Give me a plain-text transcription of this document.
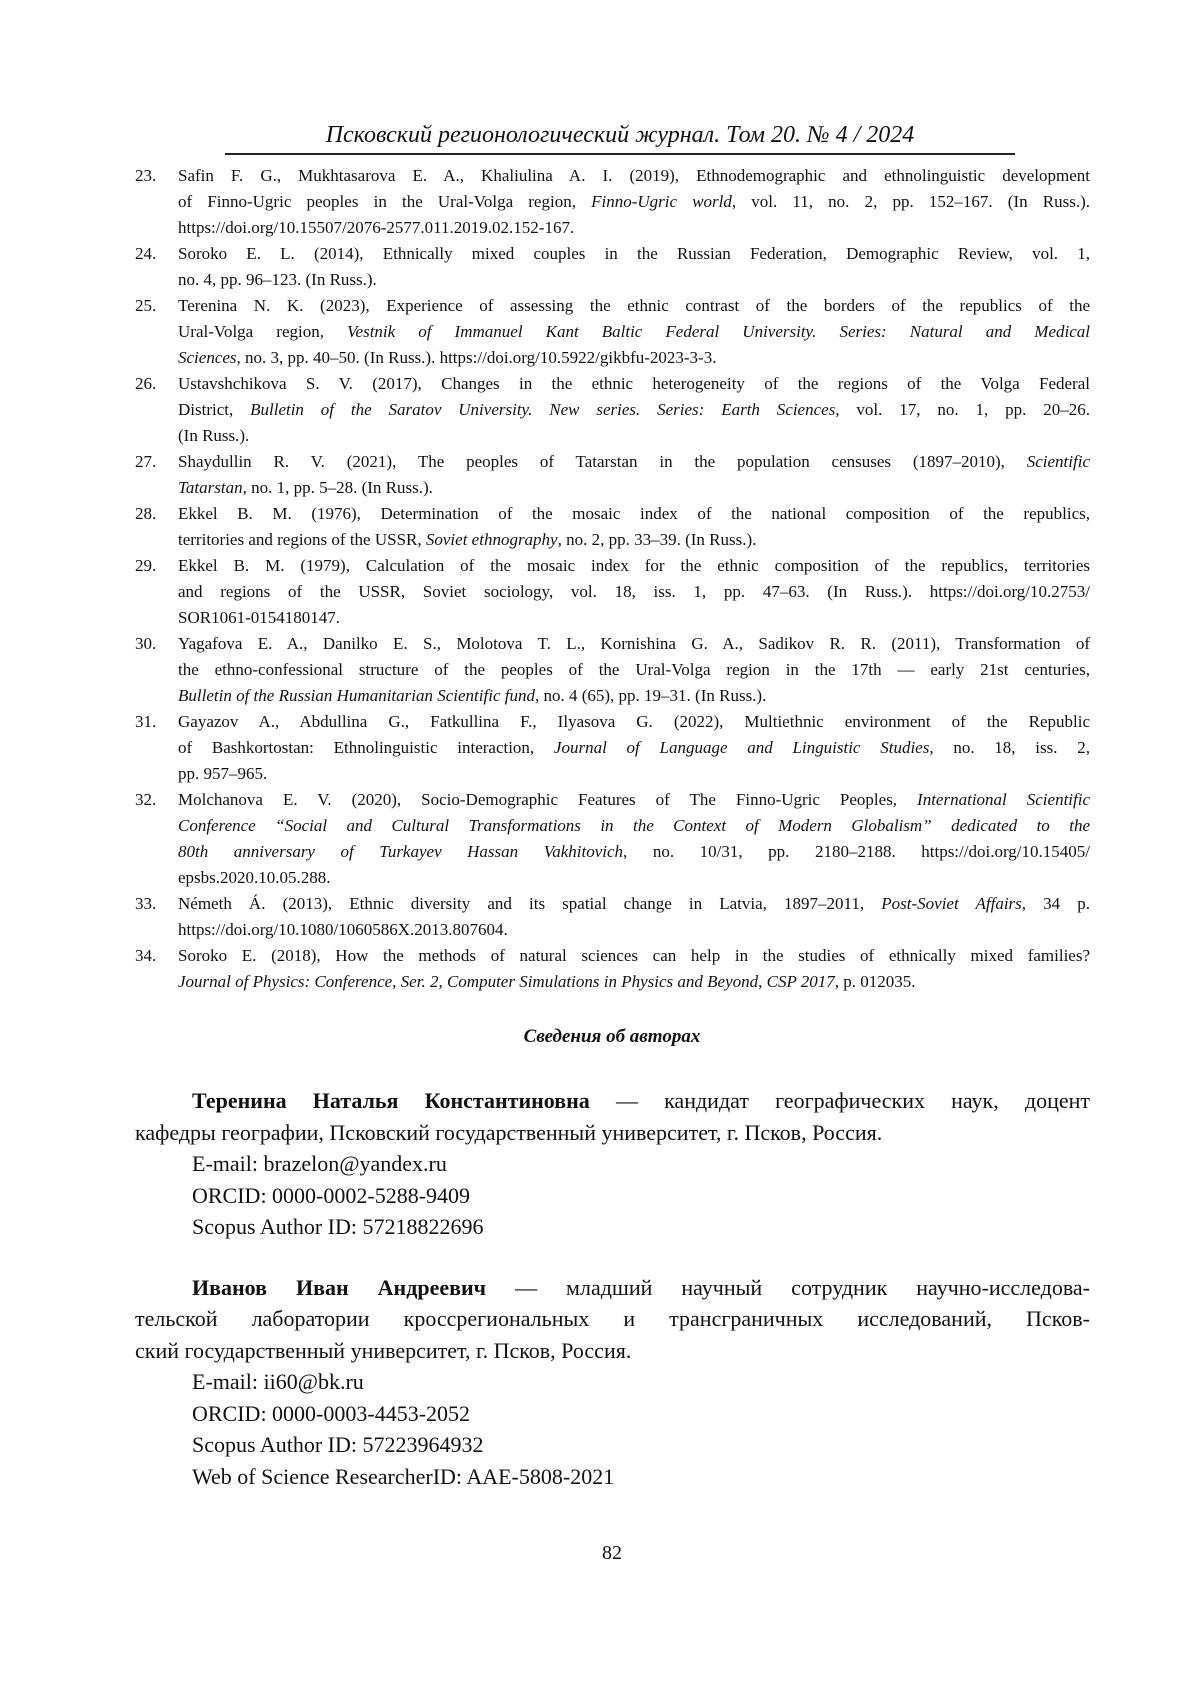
Псковский регионологический журнал. Том 20. № 4 / 2024
23. Safin F. G., Mukhtasarova E. A., Khaliulina A. I. (2019), Ethnodemographic and ethnolinguistic development
of Finno-Ugric peoples in the Ural-Volga region, Finno-Ugric world, vol. 11, no. 2, pp. 152–167. (In Russ.).
https://doi.org/10.15507/2076-2577.011.2019.02.152-167.
24. Soroko E. L. (2014), Ethnically mixed couples in the Russian Federation, Demographic Review, vol. 1,
no. 4, pp. 96–123. (In Russ.).
25. Terenina N. K. (2023), Experience of assessing the ethnic contrast of the borders of the republics of the
Ural-Volga region, Vestnik of Immanuel Kant Baltic Federal University. Series: Natural and Medical
Sciences, no. 3, pp. 40–50. (In Russ.). https://doi.org/10.5922/gikbfu-2023-3-3.
26. Ustavshchikova S. V. (2017), Changes in the ethnic heterogeneity of the regions of the Volga Federal
District, Bulletin of the Saratov University. New series. Series: Earth Sciences, vol. 17, no. 1, pp. 20–26.
(In Russ.).
27. Shaydullin R. V. (2021), The peoples of Tatarstan in the population censuses (1897–2010), Scientific
Tatarstan, no. 1, pp. 5–28. (In Russ.).
28. Ekkel B. M. (1976), Determination of the mosaic index of the national composition of the republics,
territories and regions of the USSR, Soviet ethnography, no. 2, pp. 33–39. (In Russ.).
29. Ekkel B. M. (1979), Calculation of the mosaic index for the ethnic composition of the republics, territories
and regions of the USSR, Soviet sociology, vol. 18, iss. 1, pp. 47–63. (In Russ.). https://doi.org/10.2753/
SOR1061-0154180147.
30. Yagafova E. A., Danilko E. S., Molotova T. L., Kornishina G. A., Sadikov R. R. (2011), Transformation of
the ethno-confessional structure of the peoples of the Ural-Volga region in the 17th — early 21st centuries,
Bulletin of the Russian Humanitarian Scientific fund, no. 4 (65), pp. 19–31. (In Russ.).
31. Gayazov A., Abdullina G., Fatkullina F., Ilyasova G. (2022), Multiethnic environment of the Republic
of Bashkortostan: Ethnolinguistic interaction, Journal of Language and Linguistic Studies, no. 18, iss. 2,
pp. 957–965.
32. Molchanova E. V. (2020), Socio-Demographic Features of The Finno-Ugric Peoples, International Scientific
Conference “Social and Cultural Transformations in the Context of Modern Globalism” dedicated to the
80th anniversary of Turkayev Hassan Vakhitovich, no. 10/31, pp. 2180–2188. https://doi.org/10.15405/
epsbs.2020.10.05.288.
33. Németh Á. (2013), Ethnic diversity and its spatial change in Latvia, 1897–2011, Post-Soviet Affairs, 34 p.
https://doi.org/10.1080/1060586X.2013.807604.
34. Soroko E. (2018), How the methods of natural sciences can help in the studies of ethnically mixed families?
Journal of Physics: Conference, Ser. 2, Computer Simulations in Physics and Beyond, CSP 2017, p. 012035.
Сведения об авторах
Теренина Наталья Константиновна — кандидат географических наук, доцент
кафедры географии, Псковский государственный университет, г. Псков, Россия.
E-mail: brazelon@yandex.ru
ORCID: 0000-0002-5288-9409
Scopus Author ID: 57218822696
Иванов Иван Андреевич — младший научный сотрудник научно-исследова-
тельской лаборатории кроссрегиональных и трансграничных исследований, Псков-
ский государственный университет, г. Псков, Россия.
E-mail: ii60@bk.ru
ORCID: 0000-0003-4453-2052
Scopus Author ID: 57223964932
Web of Science ResearcherID: AAE-5808-2021
82
